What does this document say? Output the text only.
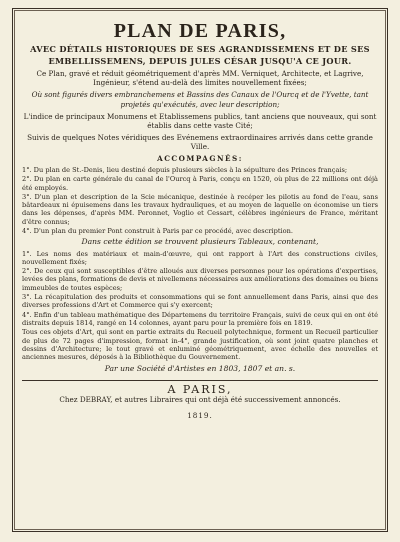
PLAN DE PARIS,
AVEC DÉTAILS HISTORIQUES DE SES AGRANDISSEMENS ET DE SES
EMBELLISSEMENS, DEPUIS JULES CÉSAR JUSQU'A CE JOUR.
Ce Plan, gravé et réduit géométriquement d'après MM. Verniquet, Architecte, et Lagrive, Ingénieur, s'étend au-delà des limites nouvellement fixées;
Où sont figurés divers embranchemens et Bassins des Canaux de l'Ourcq et de l'Yvette, tant projetés qu'exécutés, avec leur description;
L'indice de principaux Monumens et Etablissemens publics, tant anciens que nouveaux, qui sont établis dans cette vaste Cité;
Suivis de quelques Notes véridiques des Evénemens extraordinaires arrivés dans cette grande Ville.
ACCOMPAGNÉS:
1°. Du plan de St.-Denis, lieu destiné depuis plusieurs siècles à la sépulture des Princes français;
2°. Du plan en carte générale du canal de l'Ourcq à Paris, conçu en 1520, où plus de 22 millions ont déjà été employés.
3°. D'un plan et description de la Scie mécanique, destinée à recéper les pilotis au fond de l'eau, sans bâtardeaux ni épuisemens dans les travaux hydrauliques, et au moyen de laquelle on économise un tiers dans les dépenses, d'après MM. Peronnet, Voglio et Cessart, célèbres ingénieurs de France, méritant d'être connus;
4°. D'un plan du premier Pont construit à Paris par ce procédé, avec description.
Dans cette édition se trouvent plusieurs Tableaux, contenant,
1°. Les noms des matériaux et main-d'œuvre, qui ont rapport à l'Art des constructions civiles, nouvellement fixés;
2°. De ceux qui sont susceptibles d'être alloués aux diverses personnes pour les opérations d'expertises, levées des plans, formations de devis et nivellemens nécessaires aux améliorations des domaines ou biens immeubles de toutes espèces;
3°. La récapitulation des produits et consommations qui se font annuellement dans Paris, ainsi que des diverses professions d'Art et Commerce qui s'y exercent;
4°. Enfin d'un tableau mathématique des Départemens du territoire Français, suivi de ceux qui en ont été distraits depuis 1814, rangé en 14 colonnes, ayant paru pour la première fois en 1819.
Tous ces objets d'Art, qui sont en partie extraits du Recueil polytechnique, forment un Recueil particulier de plus de 72 pages d'impression, format in-4°, grande justification, où sont joint quatre planches et dessins d'Architecture; le tout gravé et enluminé géométriquement, avec échelle des nouvelles et anciennes mesures, déposés à la Bibliothèque du Gouvernement.
Par une Société d'Artistes en 1803, 1807 et an. s.
A PARIS,
Chez DEBRAY, et autres Libraires qui ont déjà été successivement annoncés.
1819.
